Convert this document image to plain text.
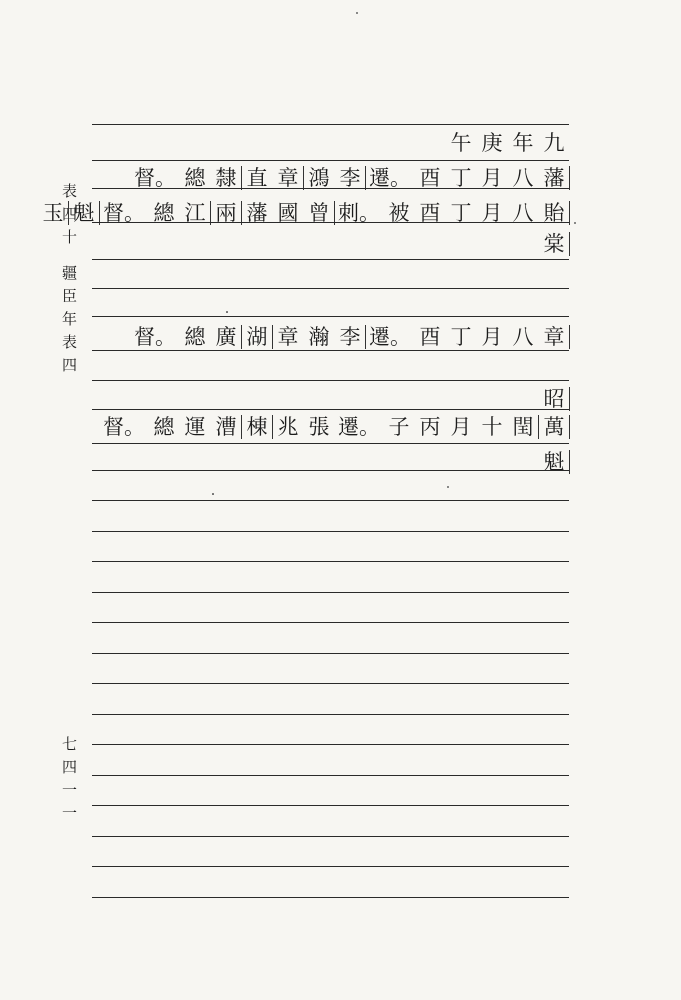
表
四
十
疆
臣
年
表
四
七
四
一
一
九
年
庚
午
藩
八
月
丁
酉
遷。
李
鴻
章
直
隸
總
督。
貽
八
月
丁
酉
被
刺。
曾
國
藩
兩
江
總
督。
魁
玉
棠
章
八
月
丁
酉
遷。
李
瀚
章
湖
廣
總
督。
昭
萬
閏
十
月
丙
子
遷。
張
兆
棟
漕
運
總
督。
魁
